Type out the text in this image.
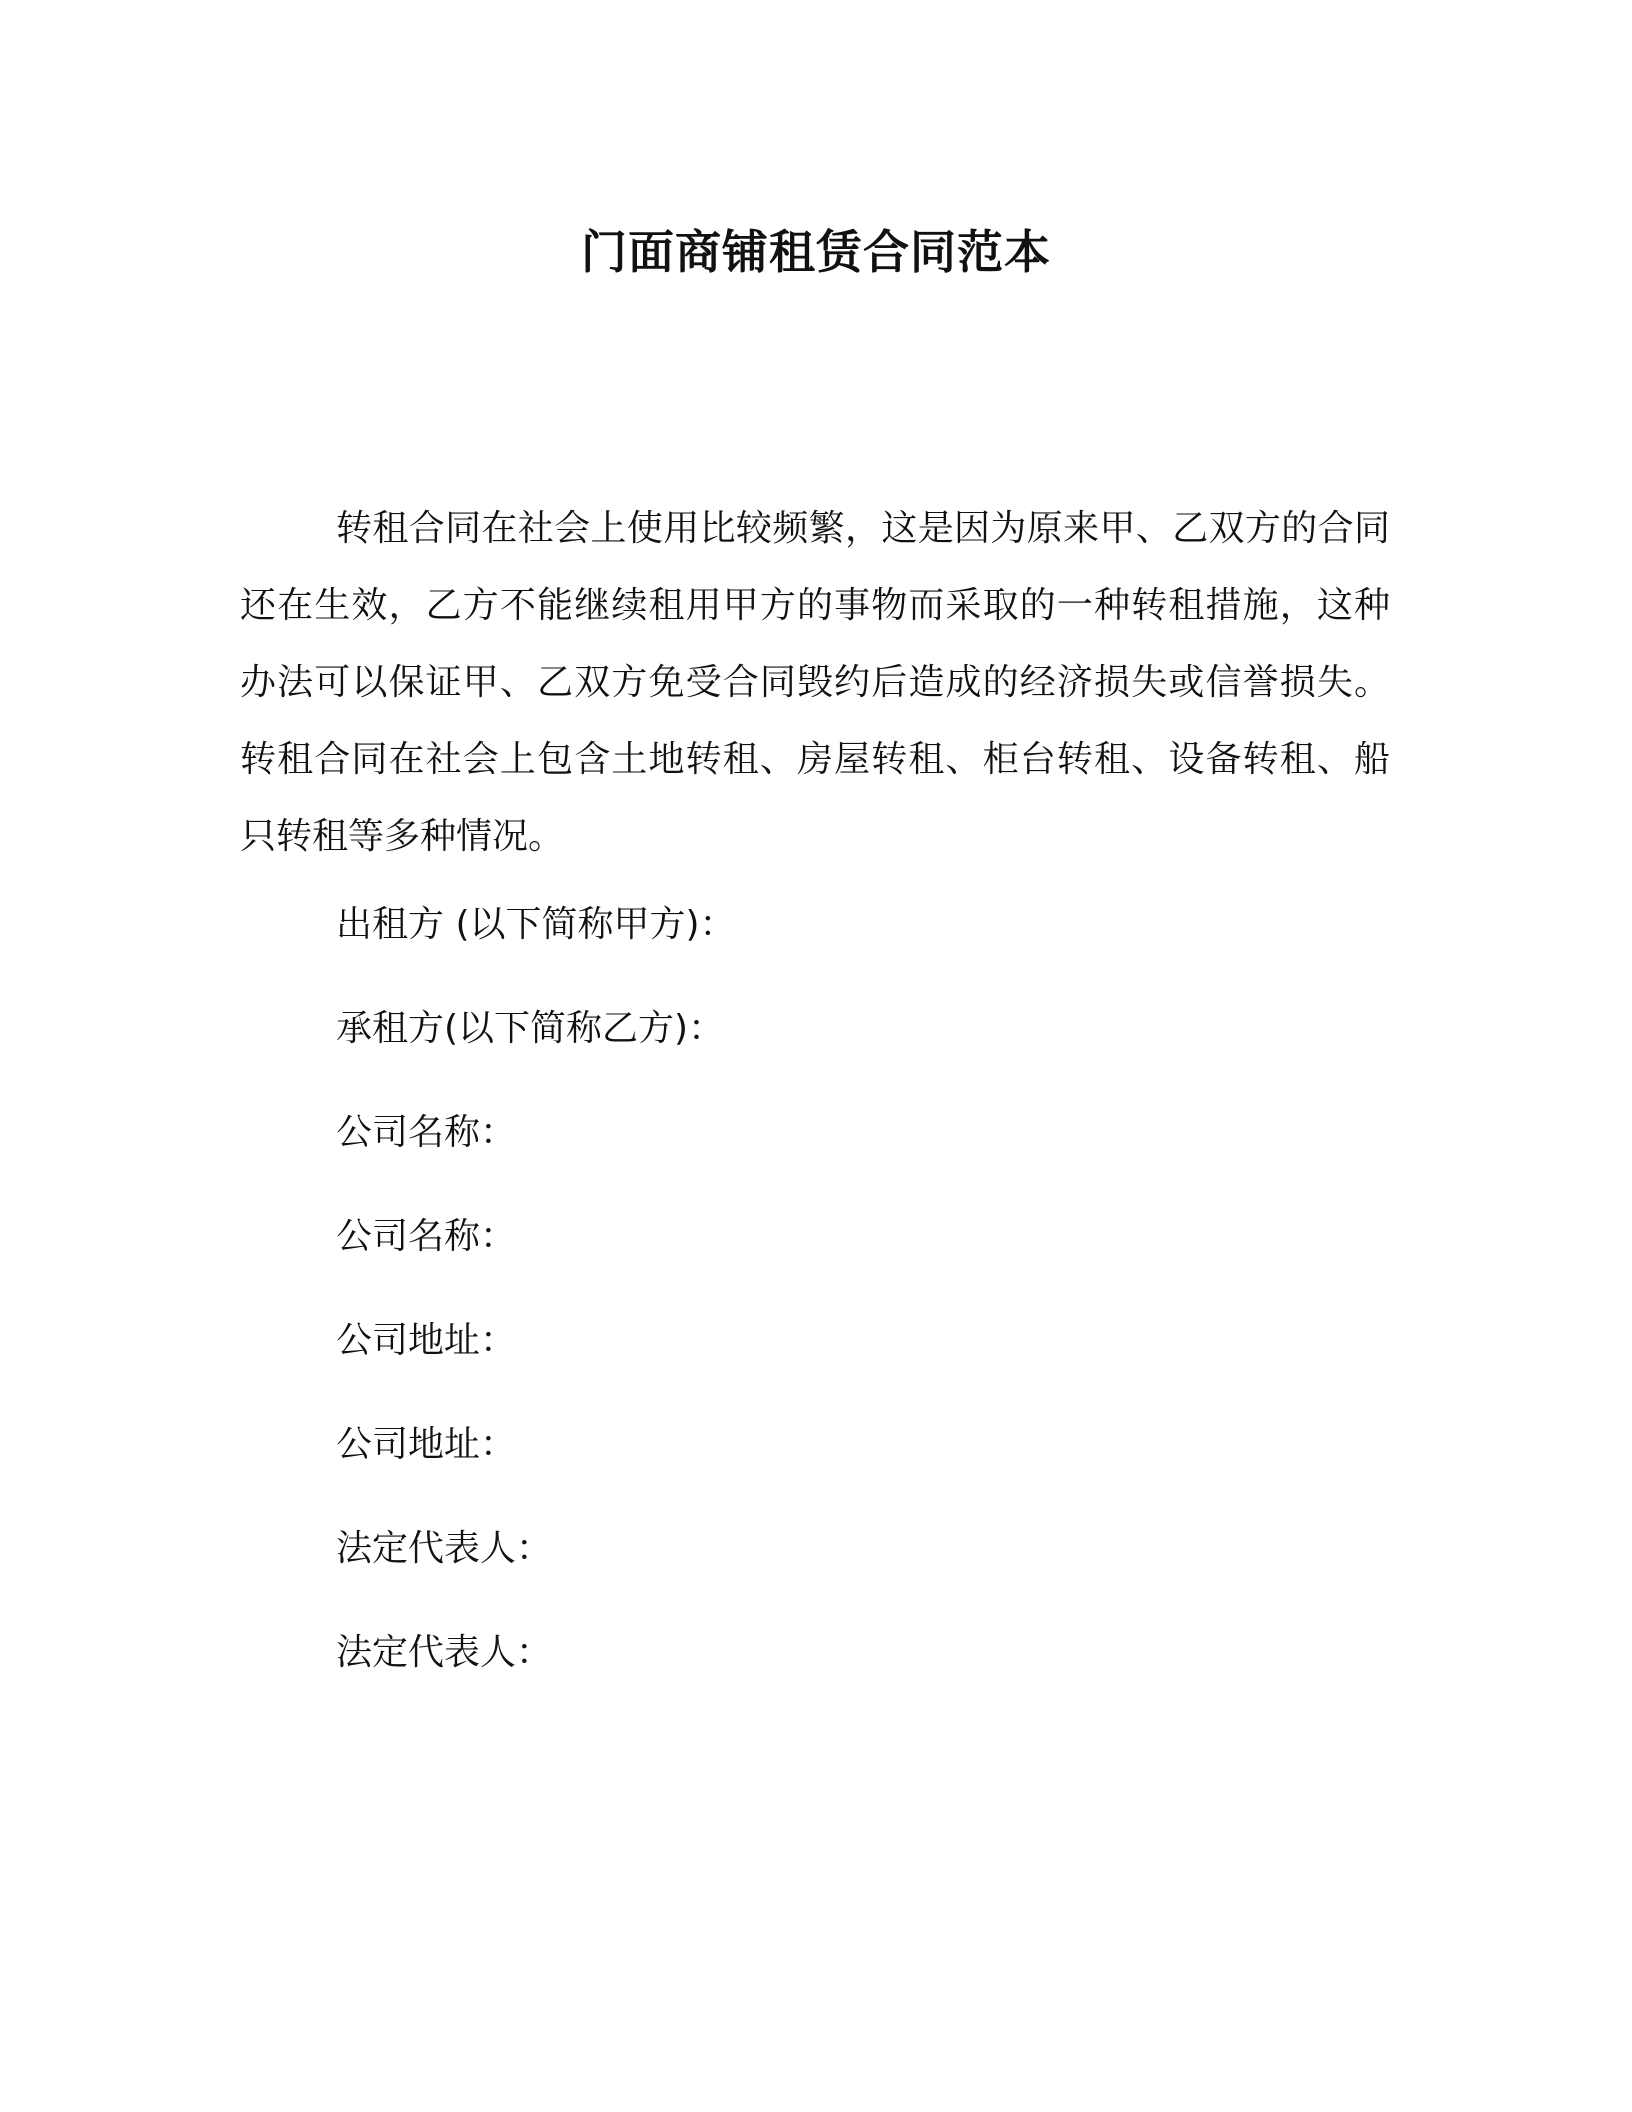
门面商铺租赁合同范本

转租合同在社会上使用比较频繁，这是因为原来甲、乙双方的合同还在生效，乙方不能继续租用甲方的事物而采取的一种转租措施，这种办法可以保证甲、乙双方免受合同毁约后造成的经济损失或信誉损失。转租合同在社会上包含土地转租、房屋转租、柜台转租、设备转租、船只转租等多种情况。

出租方 (以下简称甲方)：
承租方(以下简称乙方)：
公司名称：
公司名称：
公司地址：
公司地址：
法定代表人：
法定代表人：
